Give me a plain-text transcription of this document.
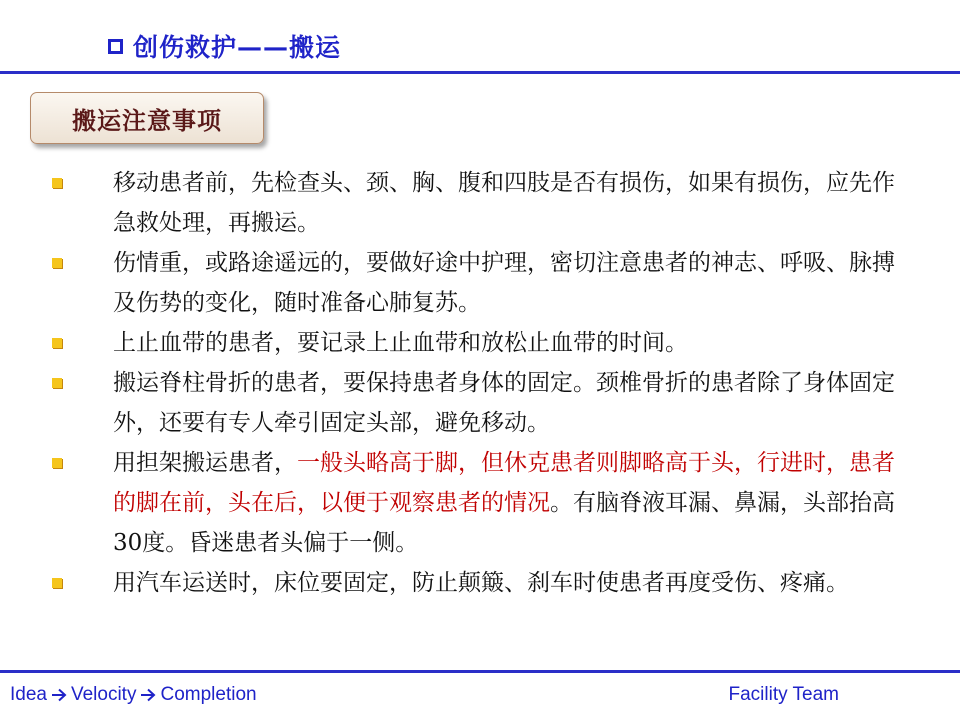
创伤救护——搬运
搬运注意事项

移动患者前，先检查头、颈、胸、腹和四肢是否有损伤，如果有损伤，应先作急救处理，再搬运。

伤情重，或路途遥远的，要做好途中护理，密切注意患者的神志、呼吸、脉搏及伤势的变化，随时准备心肺复苏。

上止血带的患者，要记录上止血带和放松止血带的时间。

搬运脊柱骨折的患者，要保持患者身体的固定。颈椎骨折的患者除了身体固定外，还要有专人牵引固定头部，避免移动。

用担架搬运患者，一般头略高于脚，但休克患者则脚略高于头，行进时，患者的脚在前，头在后，以便于观察患者的情况。有脑脊液耳漏、鼻漏，头部抬高30度。昏迷患者头偏于一侧。

用汽车运送时，床位要固定，防止颠簸、刹车时使患者再度受伤、疼痛。

Idea Velocity Completion	Facility Team
